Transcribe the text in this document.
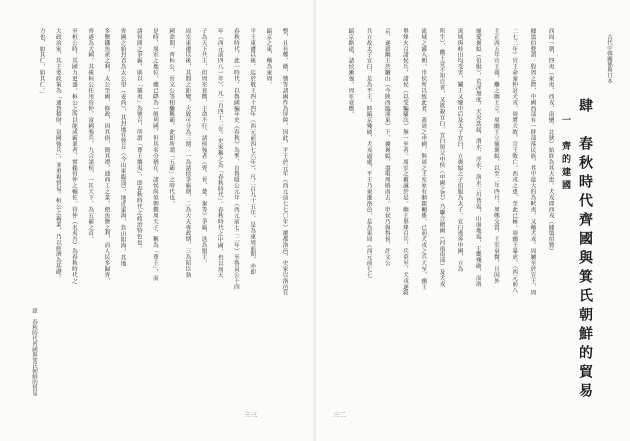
三三
肆　春秋時代齊國與箕氏朝鮮的貿易
整，且有鄭、衛、號等諸國作為屏障，因此，平王於元年（西元前七七〇年）遷都洛邑，史家以洛邑在
鎬京之東，稱為東周。
平王東遷以後，迄於敬王四十四年（西元前四七六年），凡二百九十五年，是為東周前期，亦即
春秋時代，此一時代，以魯國編年史《春秋》為準，自魯隱公元年（西元前七二二年）至魯哀公十四
年（西元前四八一年），凡二百四十二年，史家稱之為「春秋時代」。春秋時代之中國，仍以周天
子為天下共主，但周室衰微，王命不行，諸侯強者（齊、晉、楚、秦等）爭霸，迭為盟主。
周室東遷以後，其間之鉅變，大致可分為三期：一為諸侯爭霸期，二為大夫專政期，三為陪臣執
國命期。齊桓公、晉文公等相繼稱霸，此即所謂「五霸」之時代也。
是時，周室之地位，雖已降為一般列國，但其名分猶在，諸侯尚須朝覲周天子，稱為「尊王」，而
諸侯間之爭霸，則以「攘夷」為號召，所謂「尊王攘夷」，即春秋時代之政治特色也。
齊國之始封君為太公望（姜尚），其封地在營丘（今山東臨淄），地近東海，負山阻海，其地
多鹽鐵魚產之利，太公至國，修政，因其俗，簡其禮，通商工之業，便魚鹽之利，而人民多歸齊，
齊遂為大國。其後桓公任用管仲，富國強兵，九合諸侯，一匡天下，為五霸之首。
至桓公時，其國力更盛。桓公之所以能成霸業者，實賴管仲之輔佐。管仲（名夷吾）為春秋時代之
大政治家，其主要政策為「通貨積財，富國強兵」，並重視貿易。桓公之霸業，乃以經濟為基礎。
力也，如其仁，如其仁。」	古代中韓關係與日本
三二
肆　春秋時代齊國與箕氏朝鮮的貿易
一　齊的建國
西周一朝，四夷（東夷、西戎、南蠻、北狄）始終為其大患。犬戎即西戎（據翦伯贊）
據翦伯贊謂：殷周之際，中國西部有一群部落民族，其中最大的為畎夷，又稱犬戎。周屬至於宣王，周
二七二年）宣王命秦仲討犬戎，周將大敗，宣王敗亡。西戎之患，至此已極。周幽王暴虐，（西元前八
主正西五年宣王薨，繼之幽王立。周幽王立寵褒姒，以至二年四月，周鄭交質，王室衰微，且因外
寵愛褒姒（伯服），荒淫無度，天災迭起，渭水、涇水、洛水三川皆震，山崩地震，王畿殘破，而洛
流域與岐山均受害，鬮王又廢申后及太子宜臼，立褒姒之子伯服為太子。宜臼逃奔申國，立為
所生），幽王竟不知自省，又欲殺宜臼。宜臼舅父申侯（申國之君）乃聯合繒國（河南南部）及犬戎
流域之鄙入朝。申侯所以致此者，蓋周之申國，與周之王室原有姻親關係。已而犬戎之兵大至，幽王
舉烽火召諸侯兵，諸侯（以受騙屢次）無一至者。周室之覆滅於是。幽王舉烽召兵，兵莫至，犬戎遂殺
京，遂殺幽王於驪山（今陝西臨潼東）下，擄褒姒，盡取周賂而去。申侯乃與魯侯、許文公
共立故太子宜臼，是為平王。時鎬京殘破，犬戎逼處，平王乃東遷洛邑，是為東周（西元前七七
鎬京路遠，諸侯漸強，周室衰微。
